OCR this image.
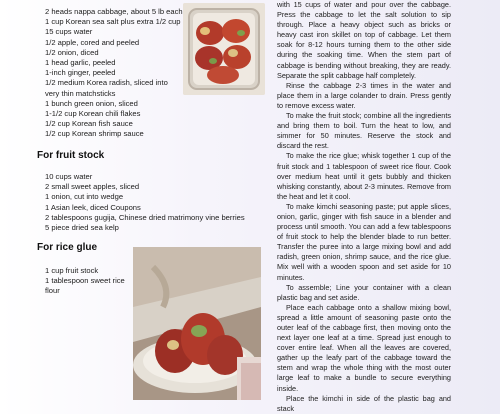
2 heads nappa cabbage, about 5 lb each
1 cup Korean sea salt plus extra 1/2 cup
15 cups water
1/2 apple, cored and peeled
1/2 onion, diced
1 head garlic, peeled
1-inch ginger, peeled
1/2 medium Korea radish, sliced into
very thin matchsticks
1 bunch green onion, sliced
1-1/2 cup Korean chili flakes
1/2 cup Korean fish sauce
1/2 cup Korean shrimp sauce
For fruit stock
10 cups water
2 small sweet apples, sliced
1 onion, cut into wedge
1 Asian leek, diced Coupons
2 tablespoons gugija, Chinese dried matrimony vine berries
5 piece dried sea kelp
For rice glue
1 cup fruit stock
1 tablespoon sweet rice
flour

with 15 cups of water and pour over the cabbage. Press the cabbage to let the salt solution to sip through. Place a heavy object such as bricks or heavy cast iron skillet on top of cabbage. Let them soak for 8-12 hours turning them to the other side during the soaking time. When the stem part of cabbage is bending without breaking, they are ready. Separate the split cabbage half completely.

Rinse the cabbage 2-3 times in the water and place them in a large colander to drain. Press gently to remove excess water.

To make the fruit stock; combine all the ingredients and bring them to boil. Turn the heat to low, and simmer for 50 minutes. Reserve the stock and discard the rest.

To make the rice glue; whisk together 1 cup of the fruit stock and 1 tablespoon of sweet rice flour. Cook over medium heat until it gets bubbly and thicken whisking constantly, about 2-3 minutes. Remove from the heat and let it cool.

To make kimchi seasoning paste; put apple slices, onion, garlic, ginger with fish sauce in a blender and process until smooth. You can add a few tablespoons of fruit stock to help the blender blade to run better. Transfer the puree into a large mixing bowl and add radish, green onion, shrimp sauce, and the rice glue. Mix well with a wooden spoon and set aside for 10 minutes.

To assemble; Line your container with a clean plastic bag and set aside.

Place each cabbage onto a shallow mixing bowl, spread a little amount of seasoning paste onto the outer leaf of the cabbage first, then moving onto the next layer one leaf at a time. Spread just enough to cover entire leaf. When all the leaves are covered, gather up the leafy part of the cabbage toward the stem and wrap the whole thing with the most outer large leaf to make a bundle to secure everything inside.

Place the kimchi in side of the plastic bag and stack
